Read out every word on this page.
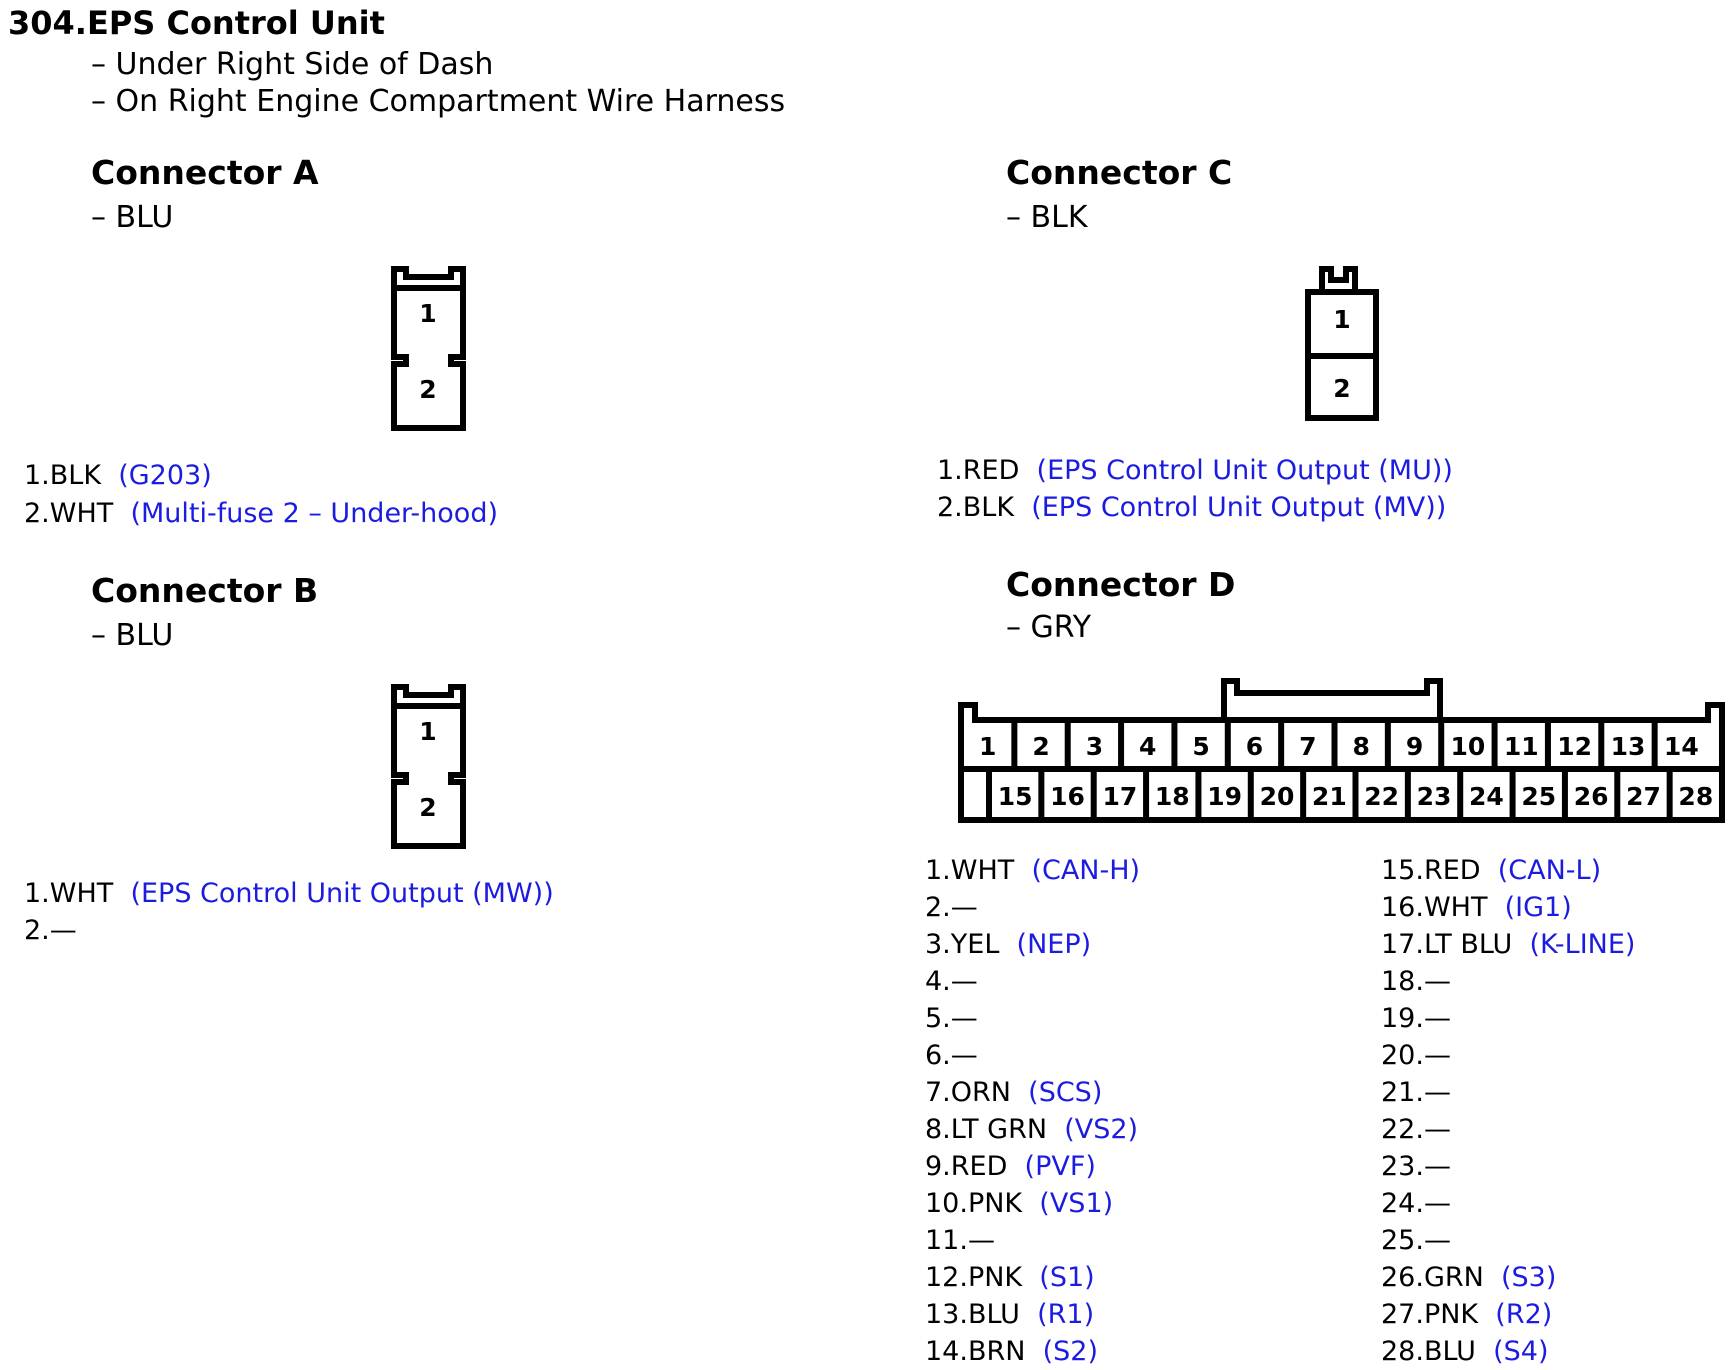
304.EPS Control Unit
– Under Right Side of Dash
– On Right Engine Compartment Wire Harness
Connector A
– BLU
1
2
1.BLK (G203)
2.WHT (Multi-fuse 2 – Under-hood)
Connector B
– BLU
1
2
1.WHT (EPS Control Unit Output (MW))
2.—
Connector C
– BLK
1
2
1.RED (EPS Control Unit Output (MU))
2.BLK (EPS Control Unit Output (MV))
Connector D
– GRY
1 2 3 4 5 6 7 8 9 10 11 12 13 14
15 16 17 18 19 20 21 22 23 24 25 26 27 28
1.WHT (CAN-H)
2.—
3.YEL (NEP)
4.—
5.—
6.—
7.ORN (SCS)
8.LT GRN (VS2)
9.RED (PVF)
10.PNK (VS1)
11.—
12.PNK (S1)
13.BLU (R1)
14.BRN (S2)
15.RED (CAN-L)
16.WHT (IG1)
17.LT BLU (K-LINE)
18.—
19.—
20.—
21.—
22.—
23.—
24.—
25.—
26.GRN (S3)
27.PNK (R2)
28.BLU (S4)
